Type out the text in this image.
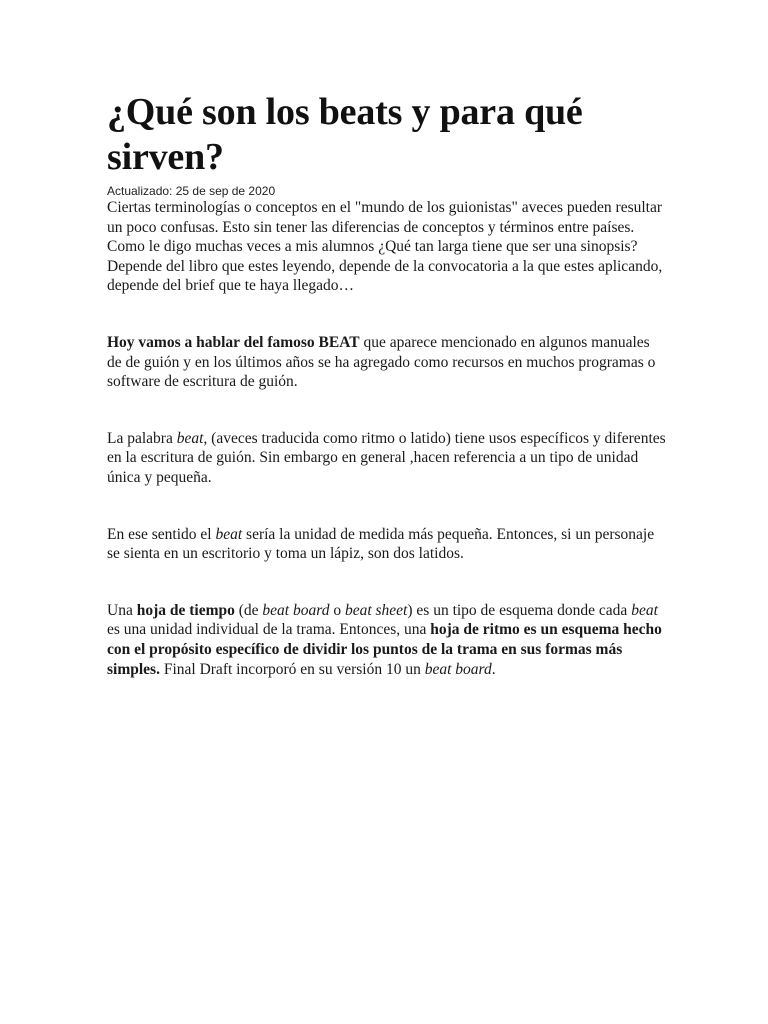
¿Qué son los beats y para qué sirven?

Actualizado: 25 de sep de 2020

Ciertas terminologías o conceptos en el "mundo de los guionistas" aveces pueden resultar un poco confusas. Esto sin tener las diferencias de conceptos y términos entre países. Como le digo muchas veces a mis alumnos ¿Qué tan larga tiene que ser una sinopsis? Depende del libro que estes leyendo, depende de la convocatoria a la que estes aplicando, depende del brief que te haya llegado…

Hoy vamos a hablar del famoso BEAT que aparece mencionado en algunos manuales de de guión y en los últimos años se ha agregado como recursos en muchos programas o software de escritura de guión.

La palabra beat, (aveces traducida como ritmo o latido) tiene usos específicos y diferentes en la escritura de guión. Sin embargo en general ,hacen referencia a un tipo de unidad única y pequeña.

En ese sentido el beat sería la unidad de medida más pequeña. Entonces, si un personaje se sienta en un escritorio y toma un lápiz, son dos latidos.

Una hoja de tiempo (de beat board o beat sheet) es un tipo de esquema donde cada beat es una unidad individual de la trama. Entonces, una hoja de ritmo es un esquema hecho con el propósito específico de dividir los puntos de la trama en sus formas más simples. Final Draft incorporó en su versión 10 un beat board.
